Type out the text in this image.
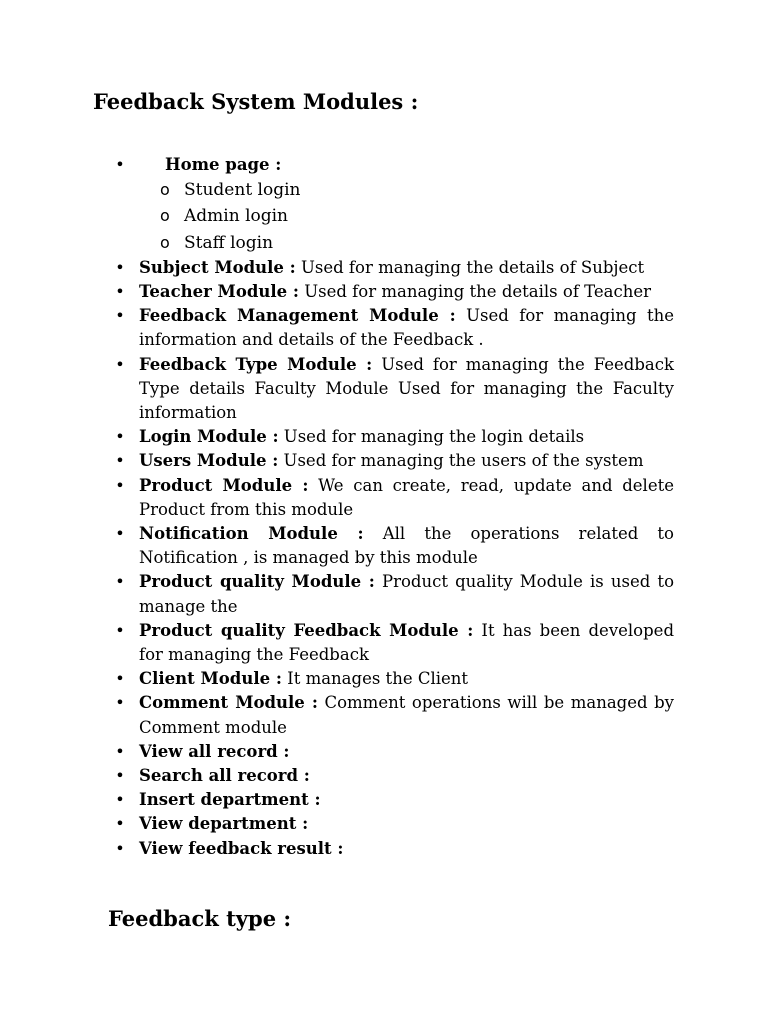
Feedback System Modules :
• Home page :
o Student login
o Admin login
o Staff login
• Subject Module : Used for managing the details of Subject
• Teacher Module : Used for managing the details of Teacher
• Feedback Management Module : Used for managing the information and details of the Feedback .
• Feedback Type Module : Used for managing the Feedback Type details Faculty Module Used for managing the Faculty information
• Login Module : Used for managing the login details
• Users Module : Used for managing the users of the system
• Product Module : We can create, read, update and delete Product from this module
• Notification Module : All the operations related to Notification , is managed by this module
• Product quality Module : Product quality Module is used to manage the
• Product quality Feedback Module : It has been developed for managing the Feedback
• Client Module : It manages the Client
• Comment Module : Comment operations will be managed by Comment module
• View all record :
• Search all record :
• Insert department :
• View department :
• View feedback result :
Feedback type :
